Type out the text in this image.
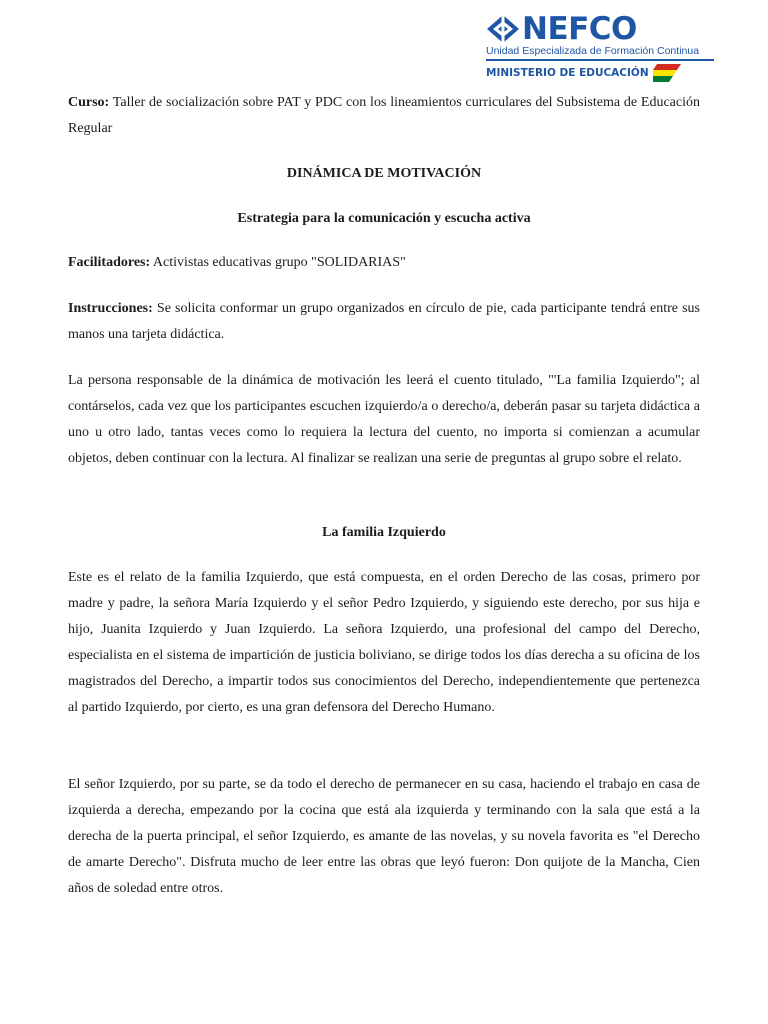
NEFCO
Unidad Especializada de Formación Continua
MINISTERIO DE EDUCACIÓN
Curso: Taller de socialización sobre PAT y PDC con los lineamientos curriculares del Subsistema de Educación Regular
DINÁMICA DE MOTIVACIÓN
Estrategia para la comunicación y escucha activa
Facilitadores: Activistas educativas grupo "SOLIDARIAS"
Instrucciones: Se solicita conformar un grupo organizados en círculo de pie, cada participante tendrá entre sus manos una tarjeta didáctica.
La persona responsable de la dinámica de motivación les leerá el cuento titulado, "'La familia Izquierdo"; al contárselos, cada vez que los participantes escuchen izquierdo/a o derecho/a, deberán pasar su tarjeta didáctica a uno u otro lado, tantas veces como lo requiera la lectura del cuento, no importa si comienzan a acumular objetos, deben continuar con la lectura. Al finalizar se realizan una serie de preguntas al grupo sobre el relato.
La familia Izquierdo
Este es el relato de la familia Izquierdo, que está compuesta, en el orden Derecho de las cosas, primero por madre y padre, la señora María Izquierdo y el señor Pedro Izquierdo, y siguiendo este derecho, por sus hija e hijo, Juanita Izquierdo y Juan Izquierdo. La señora Izquierdo, una profesional del campo del Derecho, especialista en el sistema de impartición de justicia boliviano, se dirige todos los días derecha a su oficina de los magistrados del Derecho, a impartir todos sus conocimientos del Derecho, independientemente que pertenezca al partido Izquierdo, por cierto, es una gran defensora del Derecho Humano.
El señor Izquierdo, por su parte, se da todo el derecho de permanecer en su casa, haciendo el trabajo en casa de izquierda a derecha, empezando por la cocina que está ala izquierda y terminando con la sala que está a la derecha de la puerta principal, el señor Izquierdo, es amante de las novelas, y su novela favorita es "el Derecho de amarte Derecho". Disfruta mucho de leer entre las obras que leyó fueron: Don quijote de la Mancha, Cien años de soledad entre otros.
